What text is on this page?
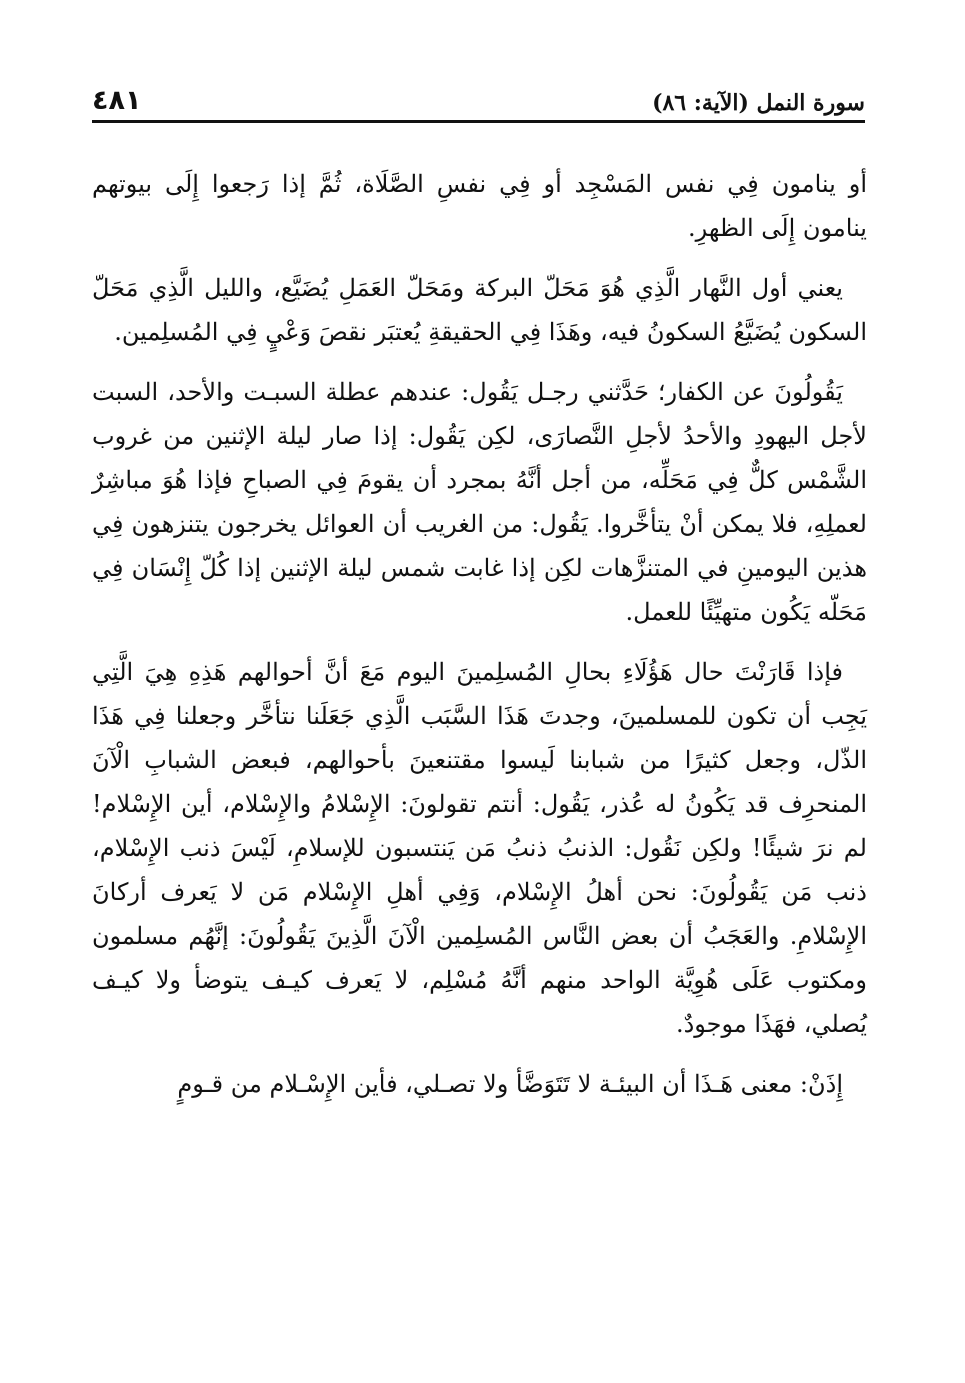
٤٨١	سورة النمل (الآية: ٨٦)

أو ينامون فِي نفس المَسْجِد أو فِي نفسِ الصَّلَاة، ثُمَّ إذا رَجعوا إِلَى بيوتهم ينامون إِلَى الظهرِ.

يعني أول النَّهار الَّذِي هُوَ مَحَلّ البركة ومَحَلّ العَمَلِ يُضَيَّع، والليل الَّذِي مَحَلّ السكون يُضَيَّعُ السكونُ فيه، وهَذَا فِي الحقيقةِ يُعتبَر نقصَ وَعْيٍ فِي المُسلِمين.

يَقُولُونَ عن الكفار؛ حَدَّثني رجـل يَقُول: عندهم عطلة السبـت والأحد، السبت لأجل اليهودِ والأحدُ لأجلِ النَّصارَى، لكِن يَقُول: إذا صار ليلة الإثنين من غروب الشَّمْس كلٌّ فِي مَحَلِّه، من أجل أنَّهُ بمجرد أن يقومَ فِي الصباحِ فإذا هُوَ مباشِرٌ لعملِهِ، فلا يمكن أنْ يتأخَّروا. يَقُول: من الغريب أن العوائل يخرجون يتنزهون فِي هذين اليومينِ في المتنزَّهات لكِن إذا غابت شمس ليلة الإثنين إذا كُلّ إِنْسَان فِي مَحَلّه يَكُون متهيِّئًا للعمل.

فإذا قَارَنْتَ حال هَؤُلَاءِ بحالِ المُسلِمينَ اليوم مَعَ أنَّ أحوالهم هَذِهِ هِيَ الَّتِي يَجِب أن تكون للمسلمينَ، وجدتَ هَذَا السَّبَب الَّذِي جَعَلَنا نتأخَّر وجعلنا فِي هَذَا الذّل، وجعل كثيرًا من شبابنا لَيسوا مقتنعينَ بأحوالهم، فبعض الشبابِ الْآنَ المنحرِف قد يَكُونُ له عُذر، يَقُول: أنتم تقولونَ: الإِسْلامُ والإِسْلام، أين الإِسْلام! لم نرَ شيئًا! ولكِن نَقُول: الذنبُ ذنبُ مَن يَنتسبون للإسلامِ، لَيْسَ ذنب الإِسْلام، ذنب مَن يَقُولُونَ: نحن أهلُ الإِسْلام، وَفِي أهلِ الإِسْلام مَن لا يَعرف أركانَ الإِسْلامِ. والعَجَبُ أن بعض النَّاس المُسلِمين الْآنَ الَّذِينَ يَقُولُونَ: إنَّهُم مسلمون ومكتوب عَلَى هُوِيَّة الواحد منهم أنَّهُ مُسْلِم، لا يَعرف كيـف يتوضأ ولا كيـف يُصلي، فهَذَا موجودٌ.

إِذَنْ: معنى هَـذَا أن البيئـة لا تَتَوَضَّأ ولا تصـلي، فأين الإِسْـلام من قـومٍ
